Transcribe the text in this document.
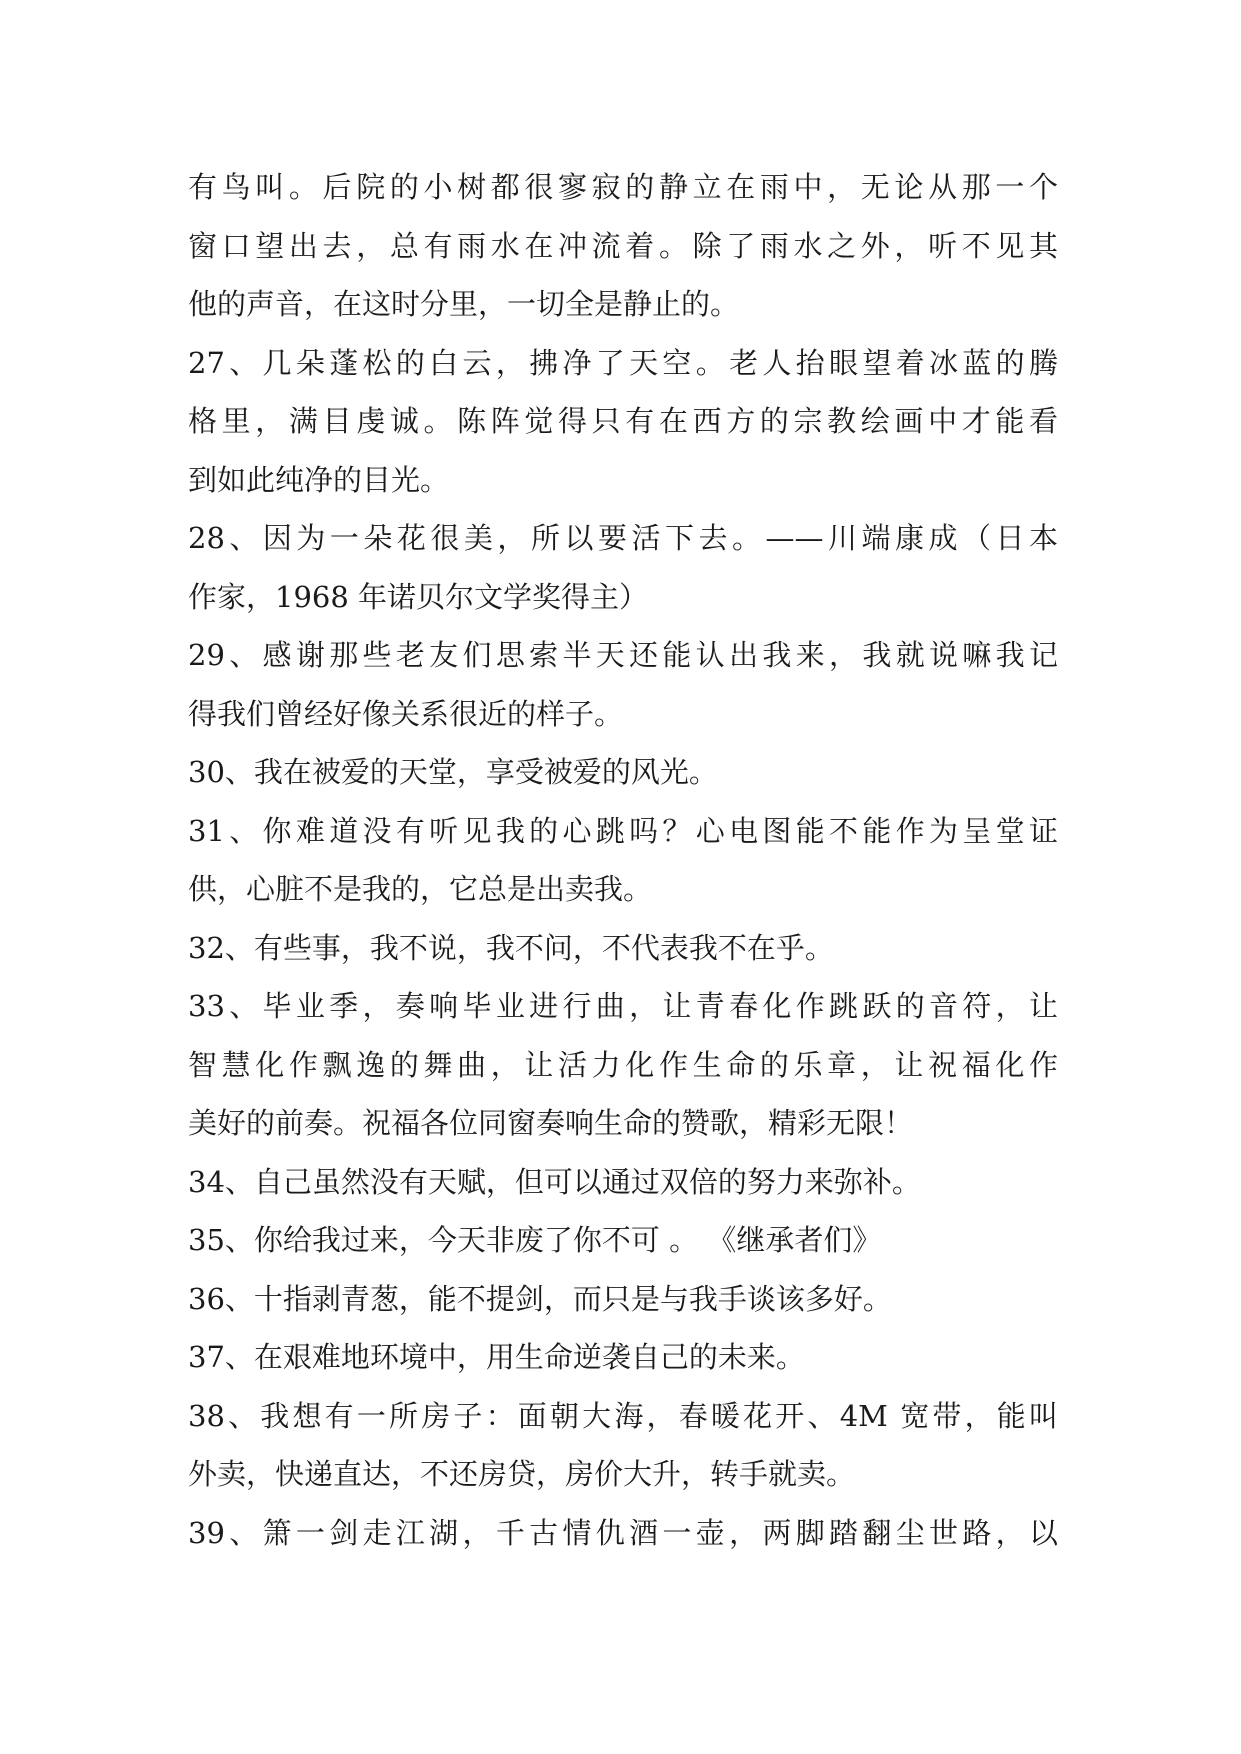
有鸟叫。后院的小树都很寥寂的静立在雨中，无论从那一个
窗口望出去，总有雨水在冲流着。除了雨水之外，听不见其
他的声音，在这时分里，一切全是静止的。
27、几朵蓬松的白云，拂净了天空。老人抬眼望着冰蓝的腾
格里，满目虔诚。陈阵觉得只有在西方的宗教绘画中才能看
到如此纯净的目光。
28、因为一朵花很美，所以要活下去。——川端康成（日本
作家，1968 年诺贝尔文学奖得主）
29、感谢那些老友们思索半天还能认出我来，我就说嘛我记
得我们曾经好像关系很近的样子。
30、我在被爱的天堂，享受被爱的风光。
31、你难道没有听见我的心跳吗？心电图能不能作为呈堂证
供，心脏不是我的，它总是出卖我。
32、有些事，我不说，我不问，不代表我不在乎。
33、毕业季，奏响毕业进行曲，让青春化作跳跃的音符，让
智慧化作飘逸的舞曲，让活力化作生命的乐章，让祝福化作
美好的前奏。祝福各位同窗奏响生命的赞歌，精彩无限！
34、自己虽然没有天赋，但可以通过双倍的努力来弥补。
35、你给我过来，今天非废了你不可 。 《继承者们》
36、十指剥青葱，能不提剑，而只是与我手谈该多好。
37、在艰难地环境中，用生命逆袭自己的未来。
38、我想有一所房子：面朝大海，春暖花开、4M 宽带，能叫
外卖，快递直达，不还房贷，房价大升，转手就卖。
39、箫一剑走江湖，千古情仇酒一壶，两脚踏翻尘世路，以
